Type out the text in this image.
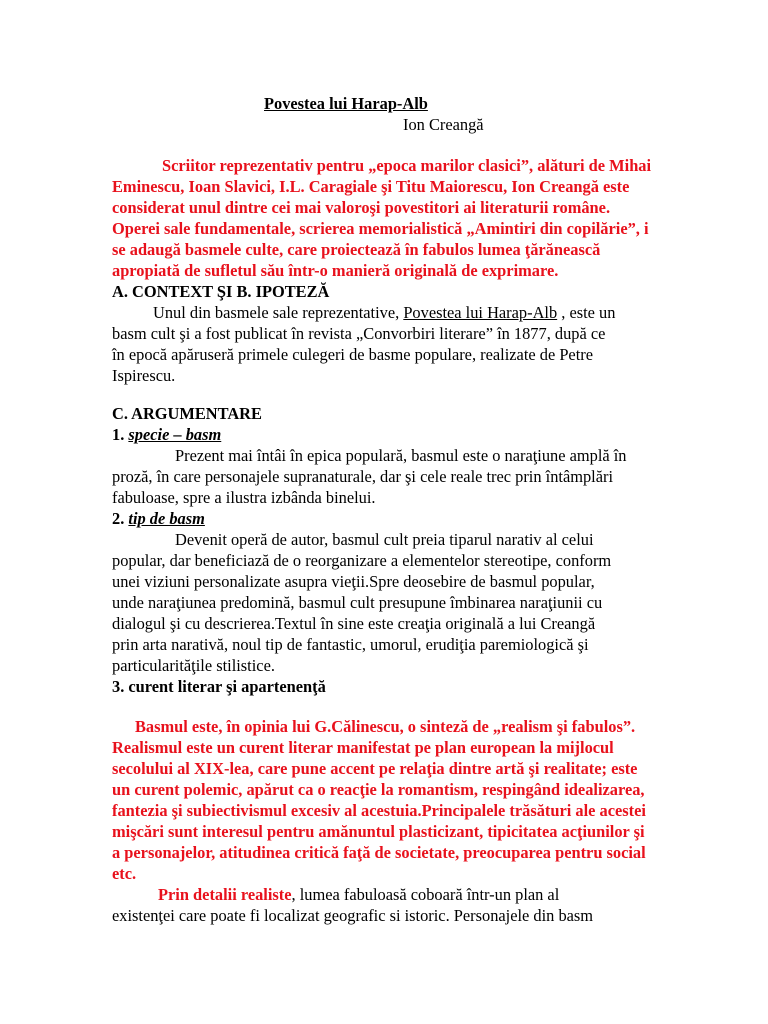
Povestea lui Harap-Alb
Ion Creangă
Scriitor reprezentativ pentru „epoca marilor clasici”, alături de Mihai
Eminescu, Ioan Slavici, I.L. Caragiale şi Titu Maiorescu, Ion Creangă este
considerat unul dintre cei mai valoroşi povestitori ai literaturii române.
Operei sale fundamentale, scrierea memorialistică „Amintiri din copilărie”, i
se adaugă basmele culte, care proiectează în fabulos lumea ţărănească
apropiată de sufletul său într-o manieră originală de exprimare.
A. CONTEXT ŞI B. IPOTEZĂ
Unul din basmele sale reprezentative, Povestea lui Harap-Alb , este un
basm cult şi a fost publicat în revista „Convorbiri literare” în 1877, după ce
în epocă apăruseră primele culegeri de basme populare, realizate de Petre
Ispirescu.
C. ARGUMENTARE
1. specie – basm
Prezent mai întâi în epica populară, basmul este o naraţiune amplă în
proză, în care personajele supranaturale, dar şi cele reale trec prin întâmplări
fabuloase, spre a ilustra izbânda binelui.
2. tip de basm
Devenit operă de autor, basmul cult preia tiparul narativ al celui
popular, dar beneficiază de o reorganizare a elementelor stereotipe, conform
unei viziuni personalizate asupra vieţii.Spre deosebire de basmul popular,
unde naraţiunea predomină, basmul cult presupune îmbinarea naraţiunii cu
dialogul şi cu descrierea.Textul în sine este creaţia originală a lui Creangă
prin arta narativă, noul tip de fantastic, umorul, erudiţia paremiologică şi
particularităţile stilistice.
3. curent literar şi apartenenţă
Basmul este, în opinia lui G.Călinescu, o sinteză de „realism şi fabulos”.
Realismul este un curent literar manifestat pe plan european la mijlocul
secolului al XIX-lea, care pune accent pe relaţia dintre artă şi realitate; este
un curent polemic, apărut ca o reacţie la romantism, respingând idealizarea,
fantezia şi subiectivismul excesiv al acestuia.Principalele trăsături ale acestei
mişcări sunt interesul pentru amănuntul plasticizant, tipicitatea acţiunilor şi
a personajelor, atitudinea critică faţă de societate, preocuparea pentru social
etc.
Prin detalii realiste, lumea fabuloasă coboară într-un plan al
existenţei care poate fi localizat geografic si istoric. Personajele din basm
